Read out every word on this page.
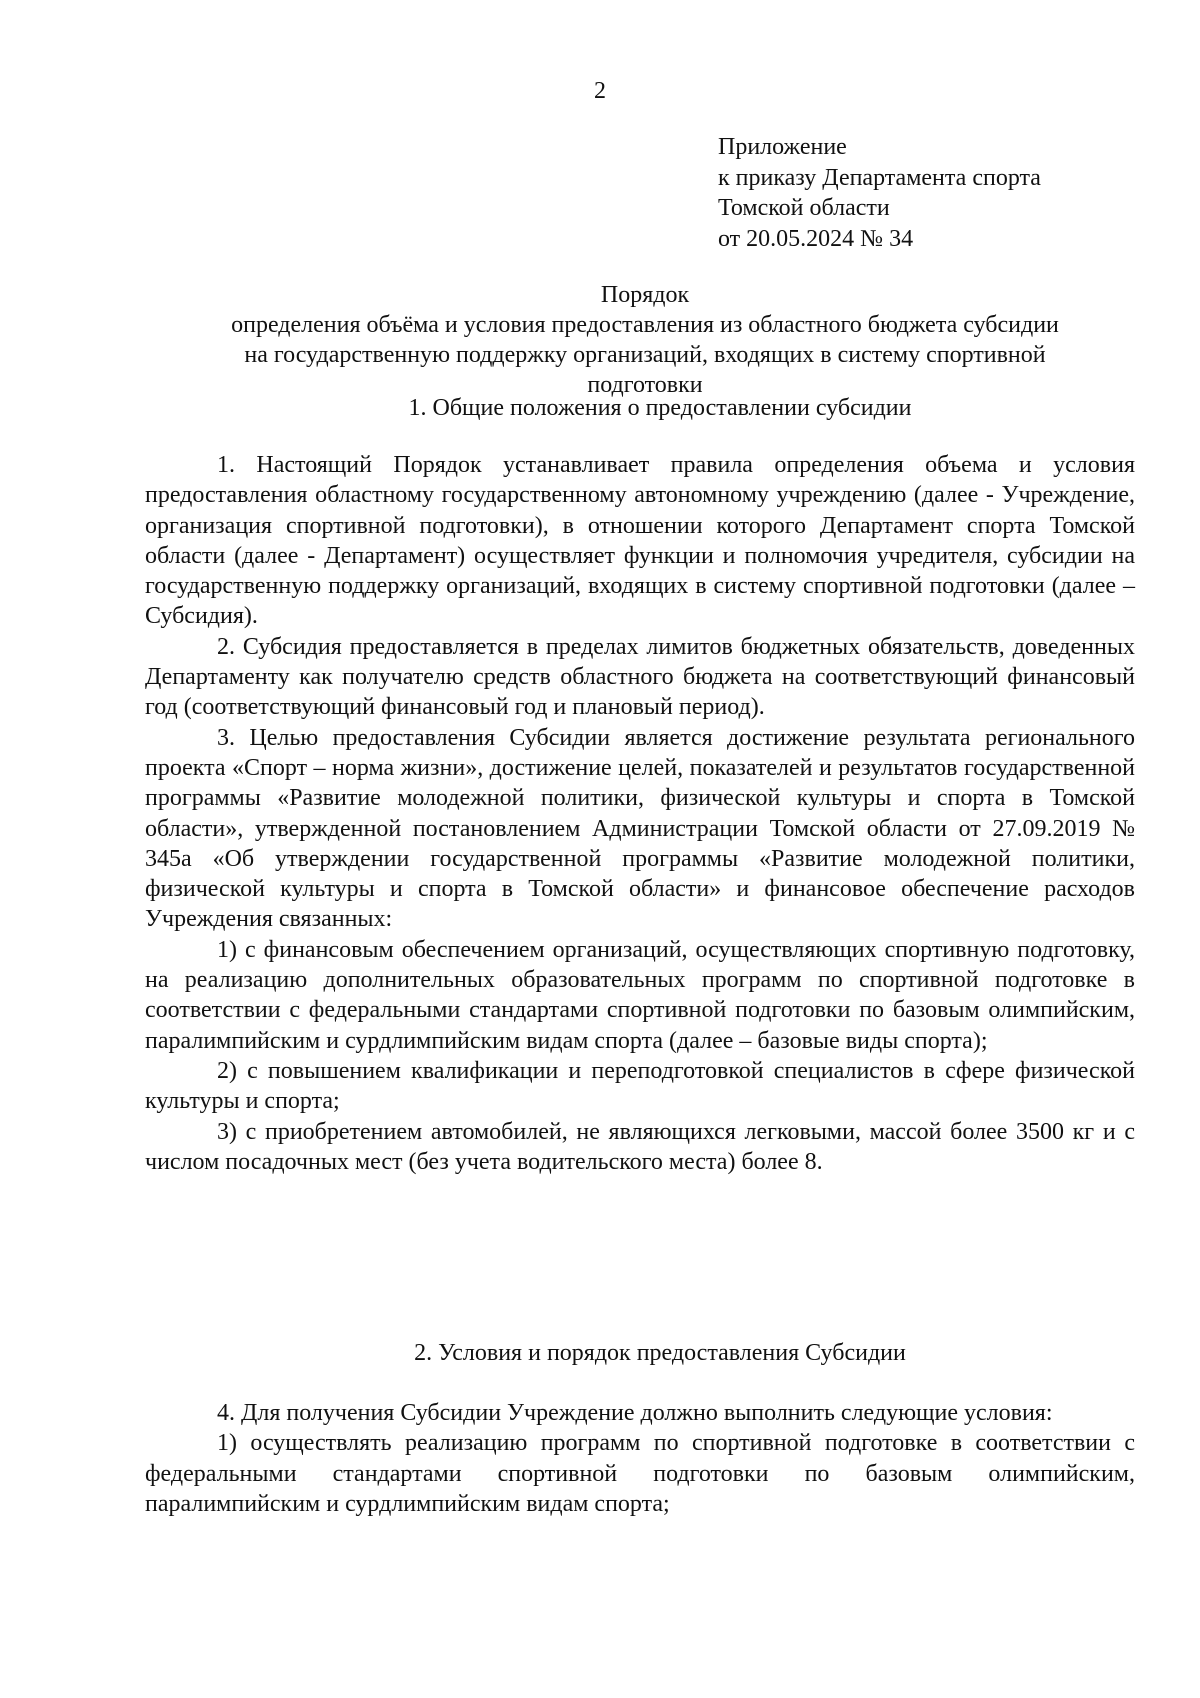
2
Приложение
к приказу Департамента спорта
Томской области
от 20.05.2024 № 34
Порядок
определения объёма и условия предоставления из областного бюджета субсидии
на государственную поддержку организаций, входящих в систему спортивной
подготовки
1. Общие положения о предоставлении субсидии

1. Настоящий Порядок устанавливает правила определения объема и условия предоставления областному государственному автономному учреждению (далее - Учреждение, организация спортивной подготовки), в отношении которого Департамент спорта Томской области (далее - Департамент) осуществляет функции и полномочия учредителя, субсидии на государственную поддержку организаций, входящих в систему спортивной подготовки (далее – Субсидия).

2. Субсидия предоставляется в пределах лимитов бюджетных обязательств, доведенных Департаменту как получателю средств областного бюджета на соответствующий финансовый год (соответствующий финансовый год и плановый период).

3. Целью предоставления Субсидии является достижение результата регионального проекта «Спорт – норма жизни», достижение целей, показателей и результатов государственной программы «Развитие молодежной политики, физической культуры и спорта в Томской области», утвержденной постановлением Администрации Томской области от 27.09.2019 № 345а «Об утверждении государственной программы «Развитие молодежной политики, физической культуры и спорта в Томской области» и финансовое обеспечение расходов Учреждения связанных:

1) с финансовым обеспечением организаций, осуществляющих спортивную подготовку, на реализацию дополнительных образовательных программ по спортивной подготовке в соответствии с федеральными стандартами спортивной подготовки по базовым олимпийским, паралимпийским и сурдлимпийским видам спорта (далее – базовые виды спорта);

2) с повышением квалификации и переподготовкой специалистов в сфере физической культуры и спорта;

3) с приобретением автомобилей, не являющихся легковыми, массой более 3500 кг и с числом посадочных мест (без учета водительского места) более 8.

2. Условия и порядок предоставления Субсидии

4. Для получения Субсидии Учреждение должно выполнить следующие условия:

1) осуществлять реализацию программ по спортивной подготовке в соответствии с федеральными стандартами спортивной подготовки по базовым олимпийским, паралимпийским и сурдлимпийским видам спорта;
